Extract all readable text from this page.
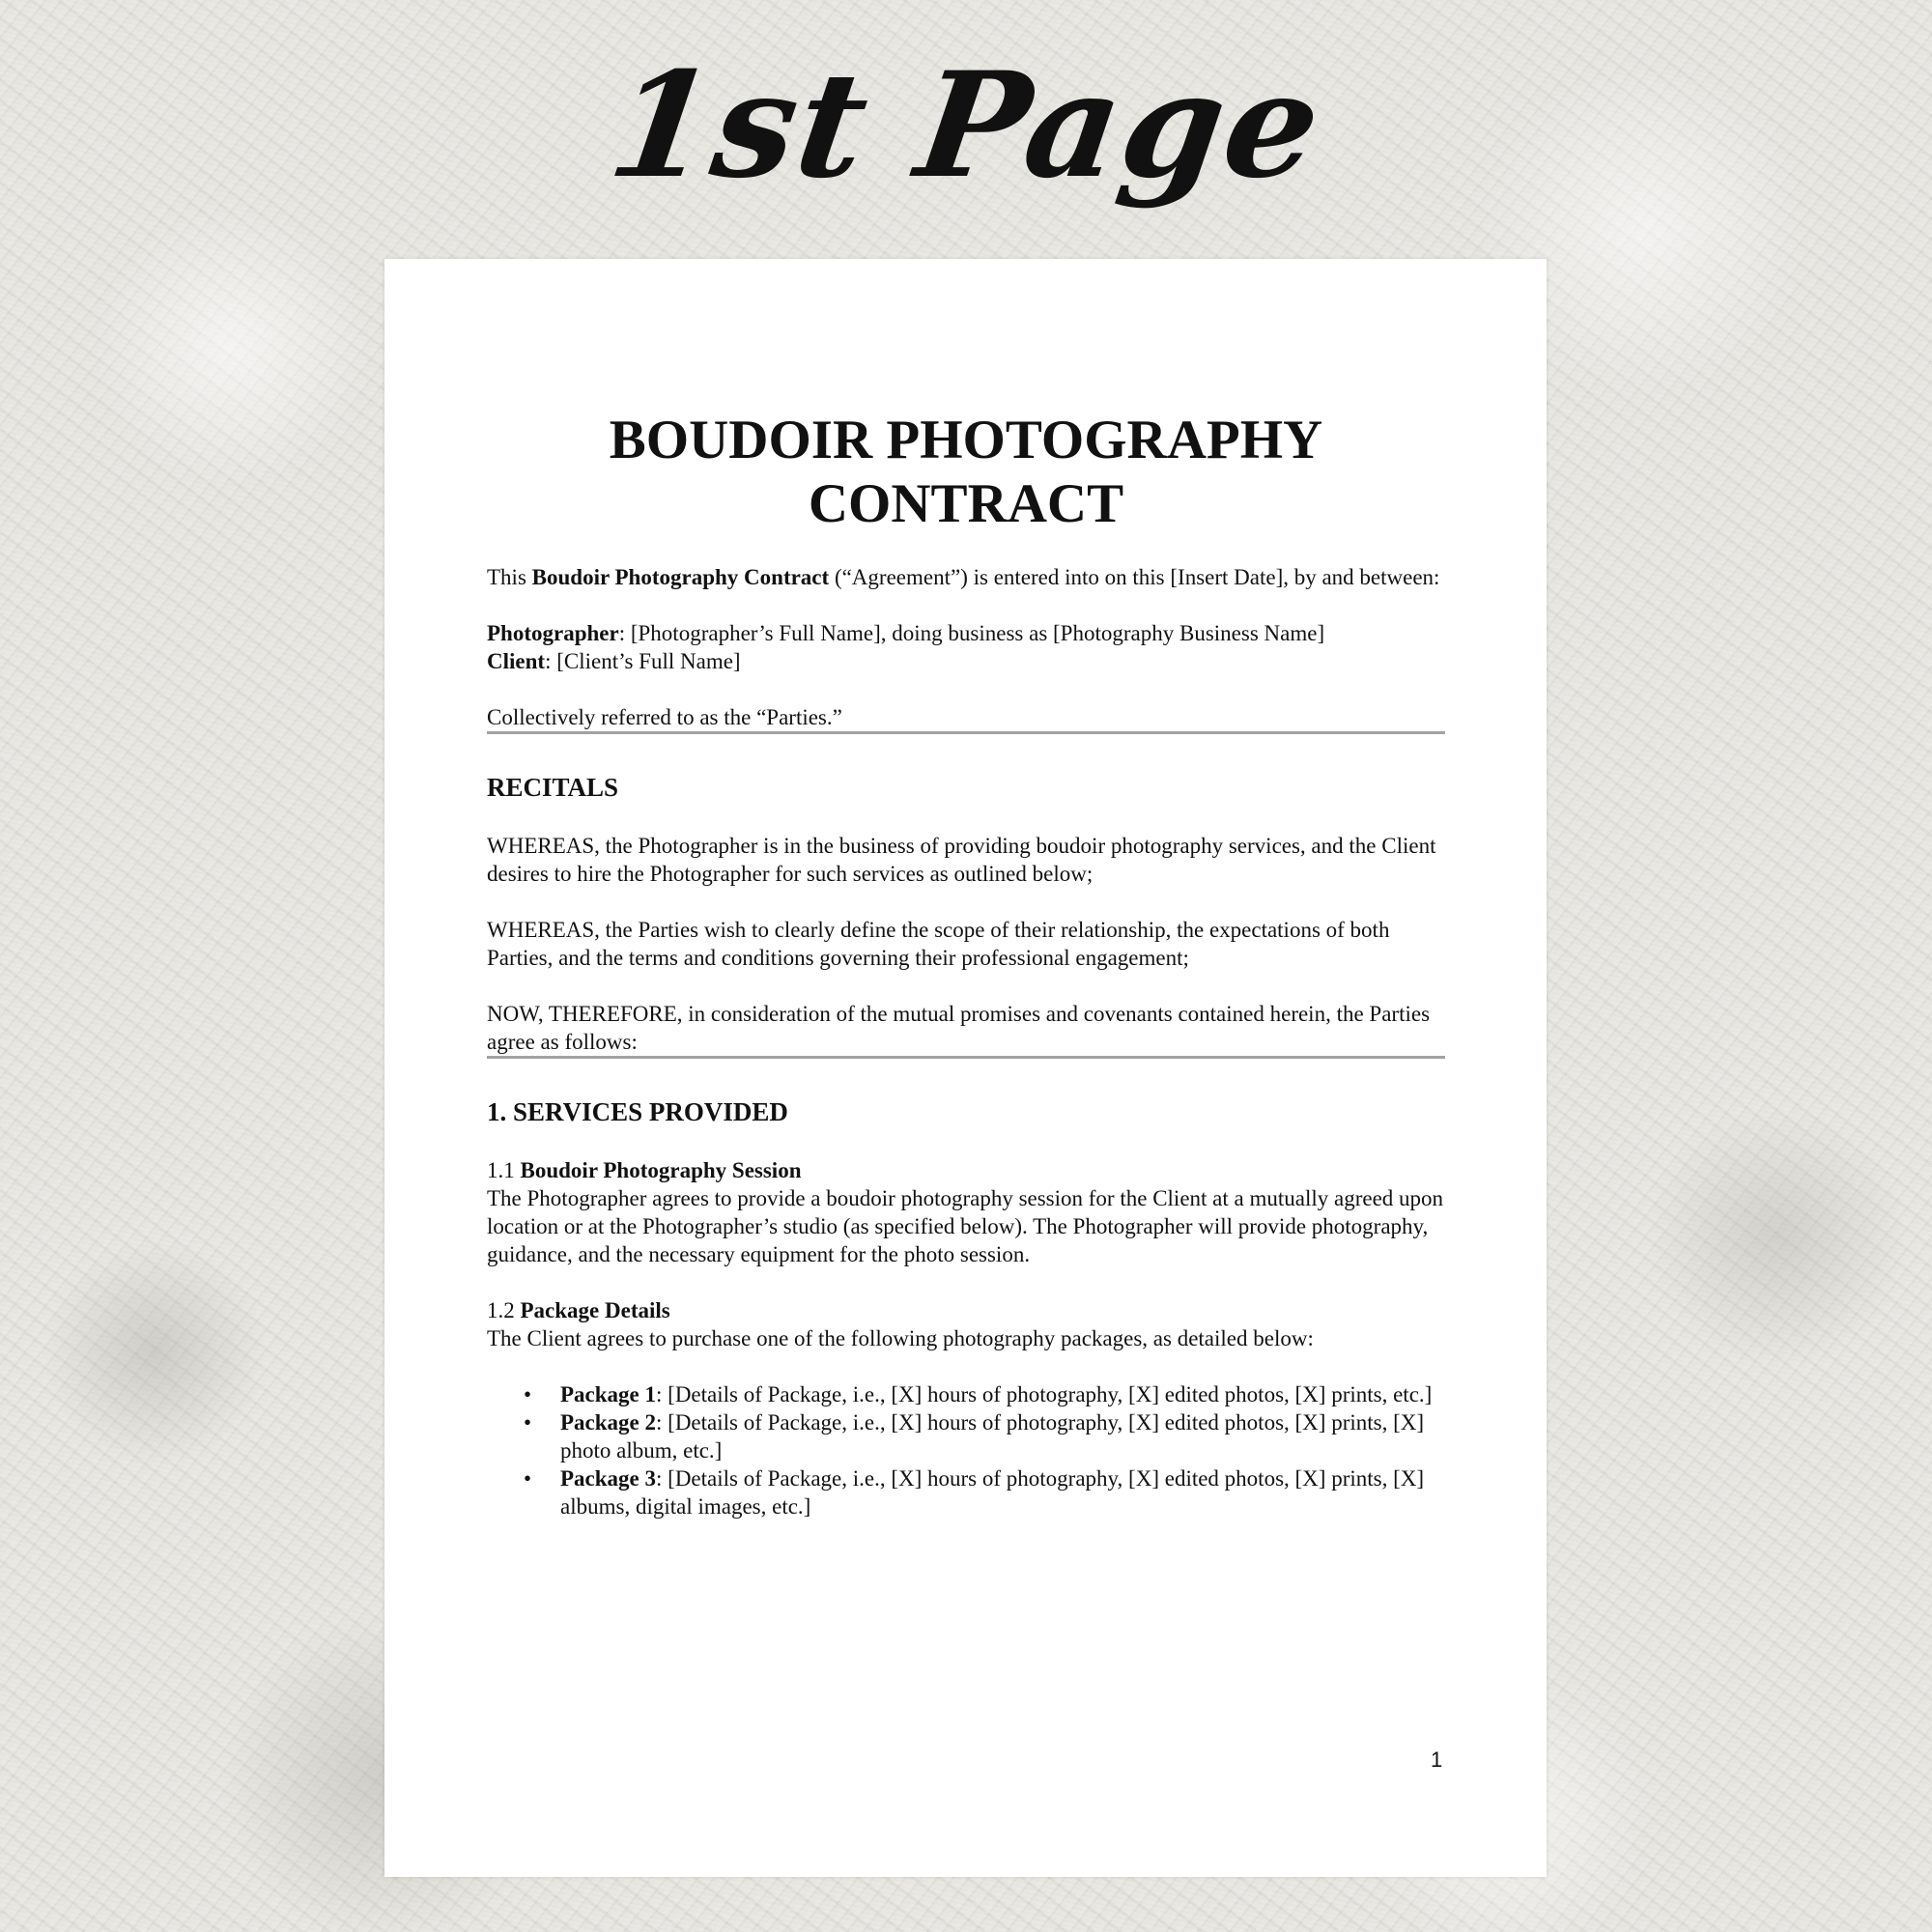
1st Page
BOUDOIR PHOTOGRAPHY CONTRACT

This Boudoir Photography Contract (“Agreement”) is entered into on this [Insert Date], by and between:

Photographer: [Photographer’s Full Name], doing business as [Photography Business Name]

Client: [Client’s Full Name]

Collectively referred to as the “Parties.”

RECITALS

WHEREAS, the Photographer is in the business of providing boudoir photography services, and the Client desires to hire the Photographer for such services as outlined below;

WHEREAS, the Parties wish to clearly define the scope of their relationship, the expectations of both Parties, and the terms and conditions governing their professional engagement;

NOW, THEREFORE, in consideration of the mutual promises and covenants contained herein, the Parties agree as follows:

1. SERVICES PROVIDED

1.1 Boudoir Photography Session

The Photographer agrees to provide a boudoir photography session for the Client at a mutually agreed upon location or at the Photographer’s studio (as specified below). The Photographer will provide photography, guidance, and the necessary equipment for the photo session.

1.2 Package Details

The Client agrees to purchase one of the following photography packages, as detailed below:

• Package 1: [Details of Package, i.e., [X] hours of photography, [X] edited photos, [X] prints, etc.]
• Package 2: [Details of Package, i.e., [X] hours of photography, [X] edited photos, [X] prints, [X] photo album, etc.]
• Package 3: [Details of Package, i.e., [X] hours of photography, [X] edited photos, [X] prints, [X] albums, digital images, etc.]
1
